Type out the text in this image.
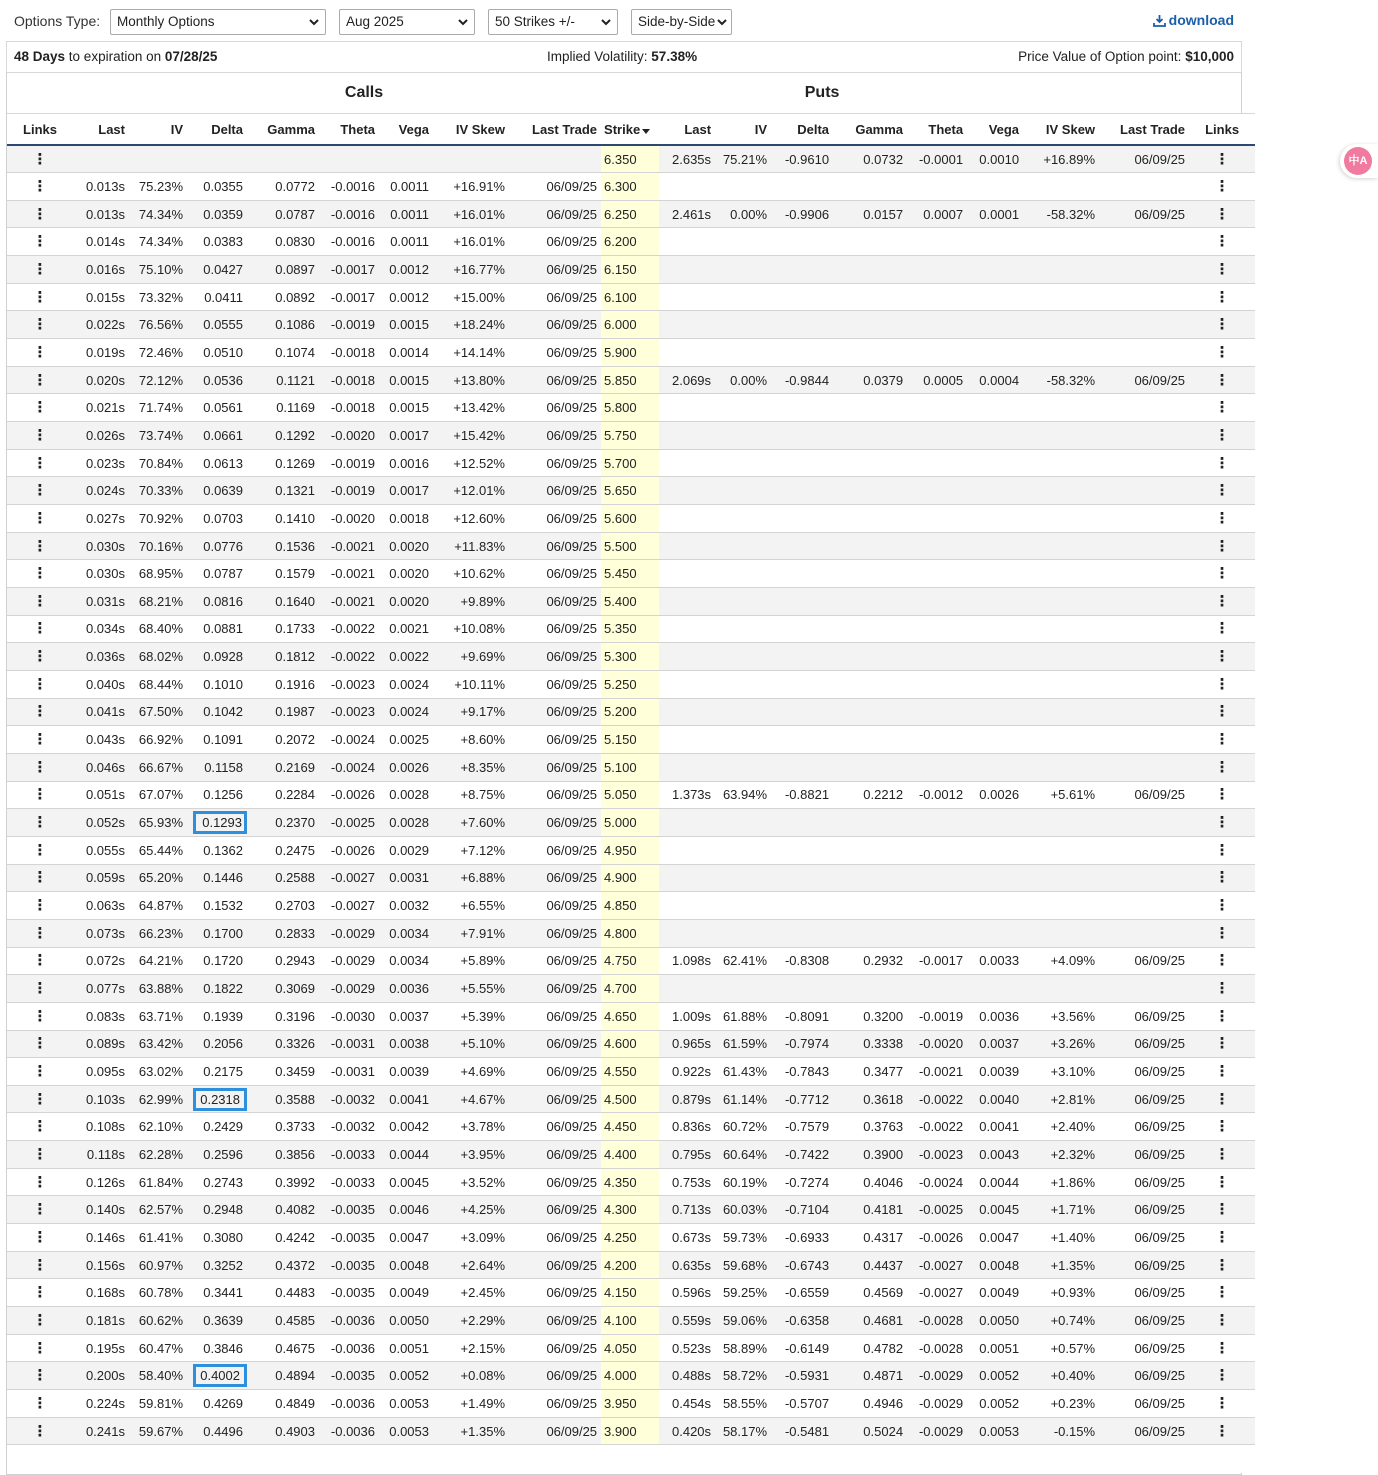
Options Type:	Monthly Options	Aug 2025	50 Strikes +/-	Side-by-Side	download
48 Days to expiration on 07/28/25	Implied Volatility: 57.38%	Price Value of Option point: $10,000
中A
Calls										Puts								
Links	Last	IV	Delta	Gamma	Theta	Vega	IV Skew	Last Trade	Strike	Last	IV	Delta	Gamma	Theta	Vega	IV Skew	Last Trade	Links
⋮									6.350	2.635s	75.21%	-0.9610	0.0732	-0.0001	0.0010	+16.89%	06/09/25	⋮
⋮	0.013s	75.23%	0.0355	0.0772	-0.0016	0.0011	+16.91%	06/09/25	6.300									⋮
⋮	0.013s	74.34%	0.0359	0.0787	-0.0016	0.0011	+16.01%	06/09/25	6.250	2.461s	0.00%	-0.9906	0.0157	0.0007	0.0001	-58.32%	06/09/25	⋮
⋮	0.014s	74.34%	0.0383	0.0830	-0.0016	0.0011	+16.01%	06/09/25	6.200									⋮
⋮	0.016s	75.10%	0.0427	0.0897	-0.0017	0.0012	+16.77%	06/09/25	6.150									⋮
⋮	0.015s	73.32%	0.0411	0.0892	-0.0017	0.0012	+15.00%	06/09/25	6.100									⋮
⋮	0.022s	76.56%	0.0555	0.1086	-0.0019	0.0015	+18.24%	06/09/25	6.000									⋮
⋮	0.019s	72.46%	0.0510	0.1074	-0.0018	0.0014	+14.14%	06/09/25	5.900									⋮
⋮	0.020s	72.12%	0.0536	0.1121	-0.0018	0.0015	+13.80%	06/09/25	5.850	2.069s	0.00%	-0.9844	0.0379	0.0005	0.0004	-58.32%	06/09/25	⋮
⋮	0.021s	71.74%	0.0561	0.1169	-0.0018	0.0015	+13.42%	06/09/25	5.800									⋮
⋮	0.026s	73.74%	0.0661	0.1292	-0.0020	0.0017	+15.42%	06/09/25	5.750									⋮
⋮	0.023s	70.84%	0.0613	0.1269	-0.0019	0.0016	+12.52%	06/09/25	5.700									⋮
⋮	0.024s	70.33%	0.0639	0.1321	-0.0019	0.0017	+12.01%	06/09/25	5.650									⋮
⋮	0.027s	70.92%	0.0703	0.1410	-0.0020	0.0018	+12.60%	06/09/25	5.600									⋮
⋮	0.030s	70.16%	0.0776	0.1536	-0.0021	0.0020	+11.83%	06/09/25	5.500									⋮
⋮	0.030s	68.95%	0.0787	0.1579	-0.0021	0.0020	+10.62%	06/09/25	5.450									⋮
⋮	0.031s	68.21%	0.0816	0.1640	-0.0021	0.0020	+9.89%	06/09/25	5.400									⋮
⋮	0.034s	68.40%	0.0881	0.1733	-0.0022	0.0021	+10.08%	06/09/25	5.350									⋮
⋮	0.036s	68.02%	0.0928	0.1812	-0.0022	0.0022	+9.69%	06/09/25	5.300									⋮
⋮	0.040s	68.44%	0.1010	0.1916	-0.0023	0.0024	+10.11%	06/09/25	5.250									⋮
⋮	0.041s	67.50%	0.1042	0.1987	-0.0023	0.0024	+9.17%	06/09/25	5.200									⋮
⋮	0.043s	66.92%	0.1091	0.2072	-0.0024	0.0025	+8.60%	06/09/25	5.150									⋮
⋮	0.046s	66.67%	0.1158	0.2169	-0.0024	0.0026	+8.35%	06/09/25	5.100									⋮
⋮	0.051s	67.07%	0.1256	0.2284	-0.0026	0.0028	+8.75%	06/09/25	5.050	1.373s	63.94%	-0.8821	0.2212	-0.0012	0.0026	+5.61%	06/09/25	⋮
⋮	0.052s	65.93%	0.1293	0.2370	-0.0025	0.0028	+7.60%	06/09/25	5.000									⋮
⋮	0.055s	65.44%	0.1362	0.2475	-0.0026	0.0029	+7.12%	06/09/25	4.950									⋮
⋮	0.059s	65.20%	0.1446	0.2588	-0.0027	0.0031	+6.88%	06/09/25	4.900									⋮
⋮	0.063s	64.87%	0.1532	0.2703	-0.0027	0.0032	+6.55%	06/09/25	4.850									⋮
⋮	0.073s	66.23%	0.1700	0.2833	-0.0029	0.0034	+7.91%	06/09/25	4.800									⋮
⋮	0.072s	64.21%	0.1720	0.2943	-0.0029	0.0034	+5.89%	06/09/25	4.750	1.098s	62.41%	-0.8308	0.2932	-0.0017	0.0033	+4.09%	06/09/25	⋮
⋮	0.077s	63.88%	0.1822	0.3069	-0.0029	0.0036	+5.55%	06/09/25	4.700									⋮
⋮	0.083s	63.71%	0.1939	0.3196	-0.0030	0.0037	+5.39%	06/09/25	4.650	1.009s	61.88%	-0.8091	0.3200	-0.0019	0.0036	+3.56%	06/09/25	⋮
⋮	0.089s	63.42%	0.2056	0.3326	-0.0031	0.0038	+5.10%	06/09/25	4.600	0.965s	61.59%	-0.7974	0.3338	-0.0020	0.0037	+3.26%	06/09/25	⋮
⋮	0.095s	63.02%	0.2175	0.3459	-0.0031	0.0039	+4.69%	06/09/25	4.550	0.922s	61.43%	-0.7843	0.3477	-0.0021	0.0039	+3.10%	06/09/25	⋮
⋮	0.103s	62.99%	0.2318	0.3588	-0.0032	0.0041	+4.67%	06/09/25	4.500	0.879s	61.14%	-0.7712	0.3618	-0.0022	0.0040	+2.81%	06/09/25	⋮
⋮	0.108s	62.10%	0.2429	0.3733	-0.0032	0.0042	+3.78%	06/09/25	4.450	0.836s	60.72%	-0.7579	0.3763	-0.0022	0.0041	+2.40%	06/09/25	⋮
⋮	0.118s	62.28%	0.2596	0.3856	-0.0033	0.0044	+3.95%	06/09/25	4.400	0.795s	60.64%	-0.7422	0.3900	-0.0023	0.0043	+2.32%	06/09/25	⋮
⋮	0.126s	61.84%	0.2743	0.3992	-0.0033	0.0045	+3.52%	06/09/25	4.350	0.753s	60.19%	-0.7274	0.4046	-0.0024	0.0044	+1.86%	06/09/25	⋮
⋮	0.140s	62.57%	0.2948	0.4082	-0.0035	0.0046	+4.25%	06/09/25	4.300	0.713s	60.03%	-0.7104	0.4181	-0.0025	0.0045	+1.71%	06/09/25	⋮
⋮	0.146s	61.41%	0.3080	0.4242	-0.0035	0.0047	+3.09%	06/09/25	4.250	0.673s	59.73%	-0.6933	0.4317	-0.0026	0.0047	+1.40%	06/09/25	⋮
⋮	0.156s	60.97%	0.3252	0.4372	-0.0035	0.0048	+2.64%	06/09/25	4.200	0.635s	59.68%	-0.6743	0.4437	-0.0027	0.0048	+1.35%	06/09/25	⋮
⋮	0.168s	60.78%	0.3441	0.4483	-0.0035	0.0049	+2.45%	06/09/25	4.150	0.596s	59.25%	-0.6559	0.4569	-0.0027	0.0049	+0.93%	06/09/25	⋮
⋮	0.181s	60.62%	0.3639	0.4585	-0.0036	0.0050	+2.29%	06/09/25	4.100	0.559s	59.06%	-0.6358	0.4681	-0.0028	0.0050	+0.74%	06/09/25	⋮
⋮	0.195s	60.47%	0.3846	0.4675	-0.0036	0.0051	+2.15%	06/09/25	4.050	0.523s	58.89%	-0.6149	0.4782	-0.0028	0.0051	+0.57%	06/09/25	⋮
⋮	0.200s	58.40%	0.4002	0.4894	-0.0035	0.0052	+0.08%	06/09/25	4.000	0.488s	58.72%	-0.5931	0.4871	-0.0029	0.0052	+0.40%	06/09/25	⋮
⋮	0.224s	59.81%	0.4269	0.4849	-0.0036	0.0053	+1.49%	06/09/25	3.950	0.454s	58.55%	-0.5707	0.4946	-0.0029	0.0052	+0.23%	06/09/25	⋮
⋮	0.241s	59.67%	0.4496	0.4903	-0.0036	0.0053	+1.35%	06/09/25	3.900	0.420s	58.17%	-0.5481	0.5024	-0.0029	0.0053	-0.15%	06/09/25	⋮
